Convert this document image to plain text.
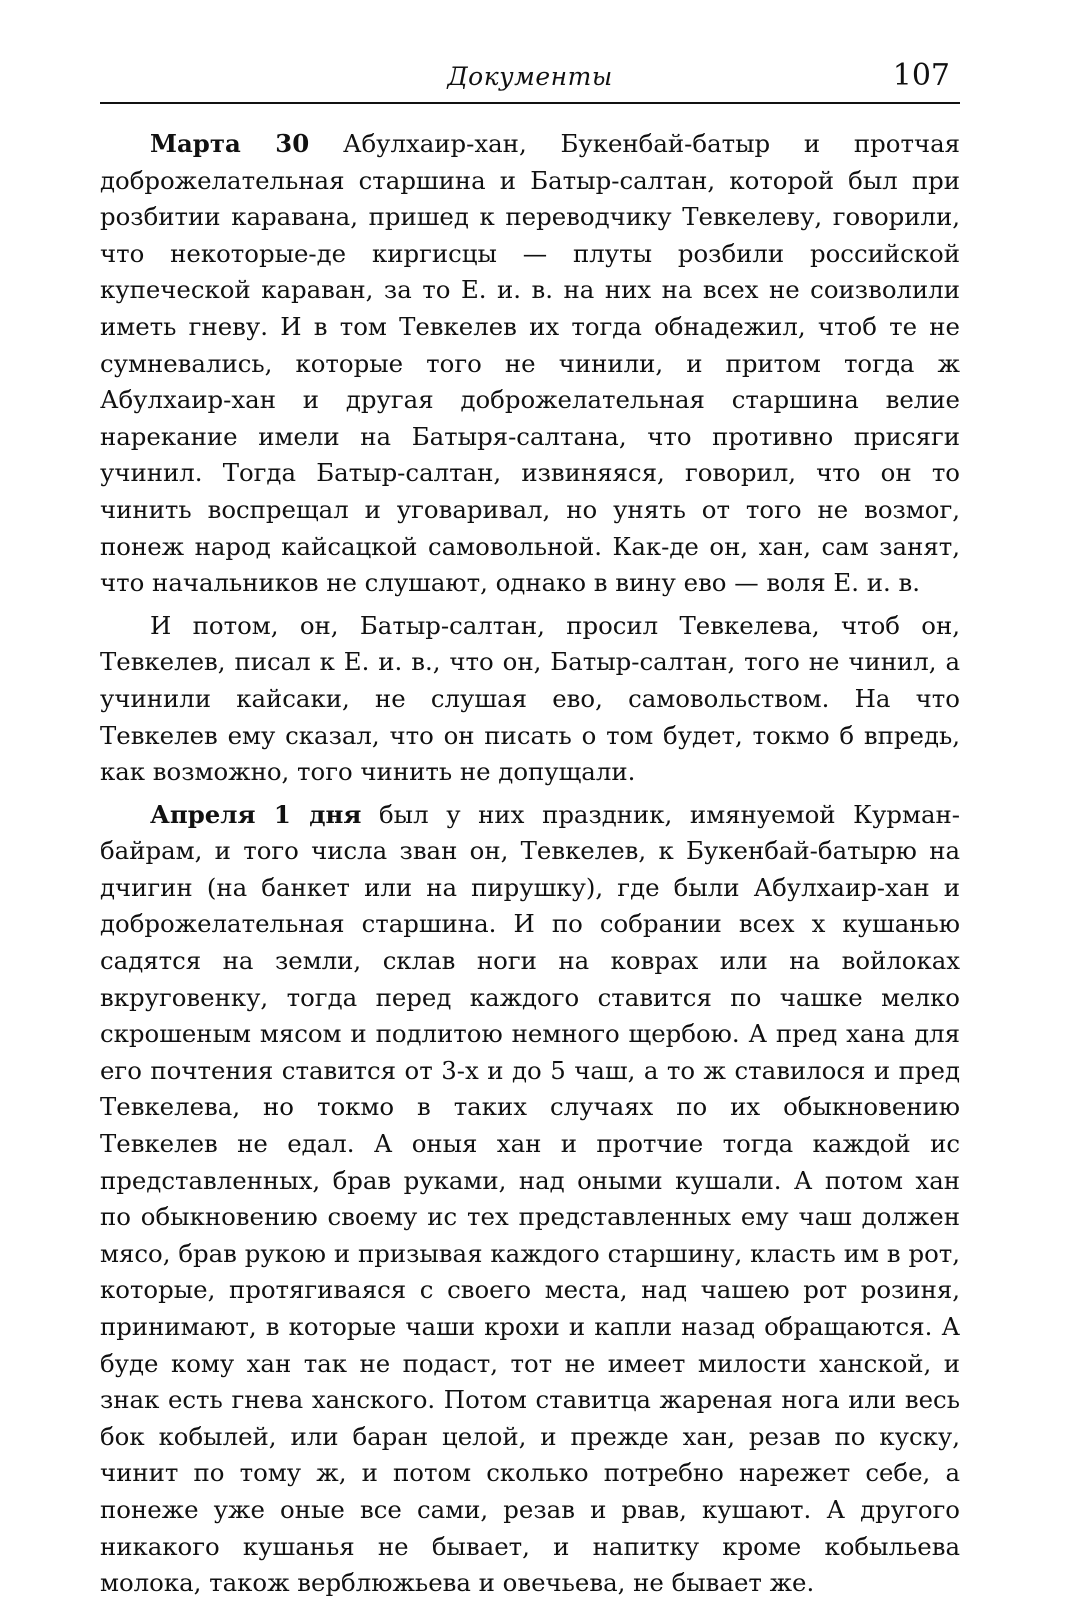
Документы	107

Марта 30 Абулхаир-хан, Букенбай-батыр и протчая доброжелательная старшина и Батыр-салтан, которой был при розбитии каравана, пришед к переводчику Тевкелеву, говорили, что некоторые-де киргисцы — плуты розбили российской купеческой караван, за то Е. и. в. на них на всех не соизволили иметь гневу. И в том Тевкелев их тогда обнадежил, чтоб те не сумневались, которые того не чинили, и притом тогда ж Абулхаир-хан и другая доброжелательная старшина велие нарекание имели на Батыря-салтана, что противно присяги учинил. Тогда Батыр-салтан, извиняяся, говорил, что он то чинить воспрещал и уговаривал, но унять от того не возмог, понеж народ кайсацкой самовольной. Как-де он, хан, сам занят, что начальников не слушают, однако в вину ево — воля Е. и. в.

И потом, он, Батыр-салтан, просил Тевкелева, чтоб он, Тевкелев, писал к Е. и. в., что он, Батыр-салтан, того не чинил, а учинили кайсаки, не слушая ево, самовольством. На что Тевкелев ему сказал, что он писать о том будет, токмо б впредь, как возможно, того чинить не допущали.

Апреля 1 дня был у них праздник, имянуемой Курман-байрам, и того числа зван он, Тевкелев, к Букенбай-батырю на дчигин (на банкет или на пирушку), где были Абулхаир-хан и доброжелательная старшина. И по собрании всех х кушанью садятся на земли, склав ноги на коврах или на войлоках вкруговенку, тогда перед каждого ставится по чашке мелко скрошеным мясом и подлитою немного щербою. А пред хана для его почтения ставится от 3-х и до 5 чаш, а то ж ставилося и пред Тевкелева, но токмо в таких случаях по их обыкновению Тевкелев не едал. А оныя хан и протчие тогда каждой ис представленных, брав руками, над оными кушали. А потом хан по обыкновению своему ис тех представленных ему чаш должен мясо, брав рукою и призывая каждого старшину, класть им в рот, которые, протягиваяся с своего места, над чашею рот розиня, принимают, в которые чаши крохи и капли назад обращаются. А буде кому хан так не подаст, тот не имеет милости ханской, и знак есть гнева ханского. Потом ставитца жареная нога или весь бок кобылей, или баран целой, и прежде хан, резав по куску, чинит по тому ж, и потом сколько потребно нарежет себе, а понеже уже оные все сами, резав и рвав, кушают. А другого никакого кушанья не бывает, и напитку кроме кобыльева молока, також верблюжьева и овечьева, не бывает же.
